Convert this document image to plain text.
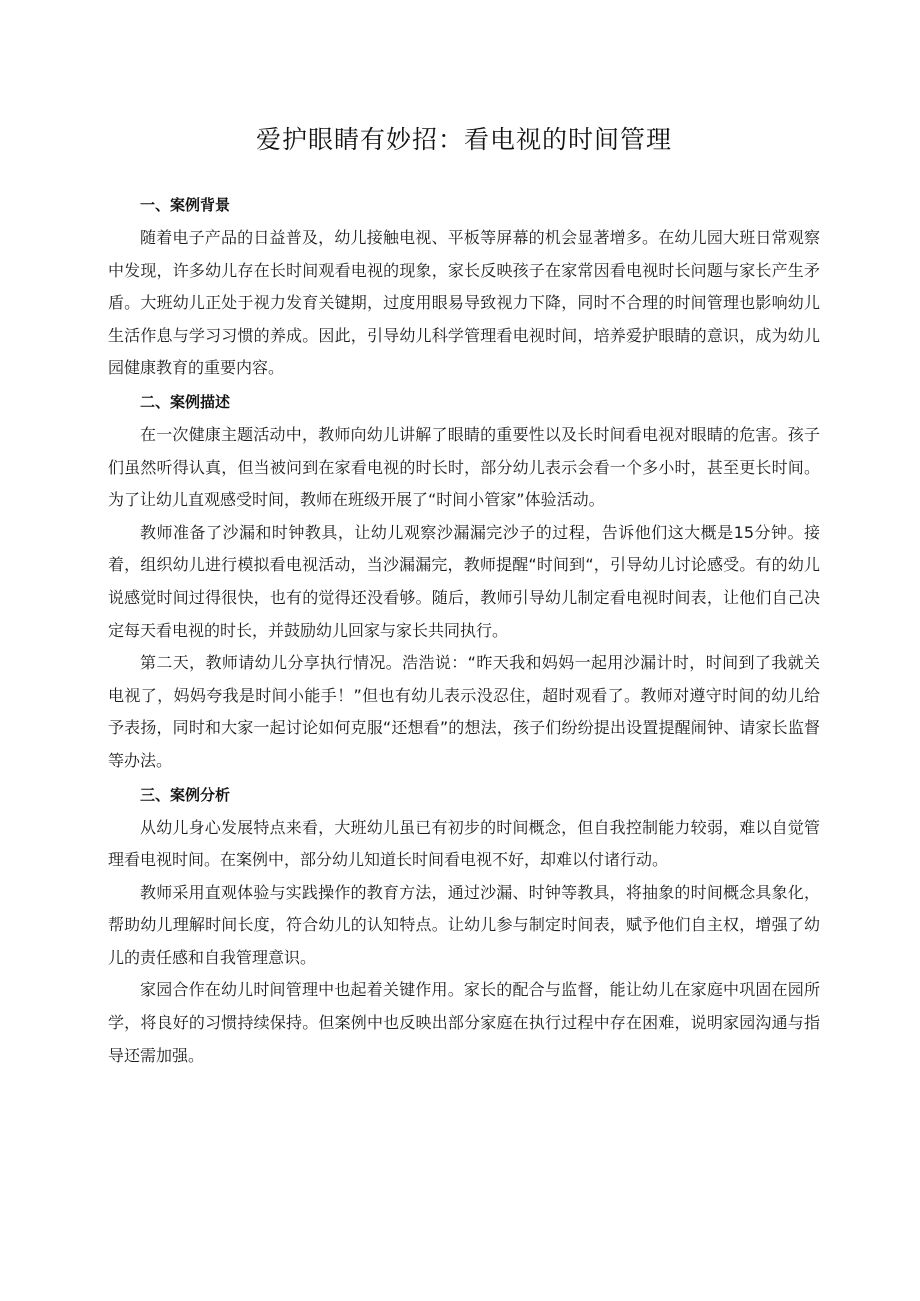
爱护眼睛有妙招：看电视的时间管理
一、案例背景

随着电子产品的日益普及，幼儿接触电视、平板等屏幕的机会显著增多。在幼儿园大班日常观察中发现，许多幼儿存在长时间观看电视的现象，家长反映孩子在家常因看电视时长问题与家长产生矛盾。大班幼儿正处于视力发育关键期，过度用眼易导致视力下降，同时不合理的时间管理也影响幼儿生活作息与学习习惯的养成。因此，引导幼儿科学管理看电视时间，培养爱护眼睛的意识，成为幼儿园健康教育的重要内容。

二、案例描述

在一次健康主题活动中，教师向幼儿讲解了眼睛的重要性以及长时间看电视对眼睛的危害。孩子们虽然听得认真，但当被问到在家看电视的时长时，部分幼儿表示会看一个多小时，甚至更长时间。为了让幼儿直观感受时间，教师在班级开展了“时间小管家”体验活动。

教师准备了沙漏和时钟教具，让幼儿观察沙漏漏完沙子的过程，告诉他们这大概是15分钟。接着，组织幼儿进行模拟看电视活动，当沙漏漏完，教师提醒“时间到“，引导幼儿讨论感受。有的幼儿说感觉时间过得很快，也有的觉得还没看够。随后，教师引导幼儿制定看电视时间表，让他们自己决定每天看电视的时长，并鼓励幼儿回家与家长共同执行。

第二天，教师请幼儿分享执行情况。浩浩说：“昨天我和妈妈一起用沙漏计时，时间到了我就关电视了，妈妈夸我是时间小能手！”但也有幼儿表示没忍住，超时观看了。教师对遵守时间的幼儿给予表扬，同时和大家一起讨论如何克服“还想看”的想法，孩子们纷纷提出设置提醒闹钟、请家长监督等办法。

三、案例分析

从幼儿身心发展特点来看，大班幼儿虽已有初步的时间概念，但自我控制能力较弱，难以自觉管理看电视时间。在案例中，部分幼儿知道长时间看电视不好，却难以付诸行动。

教师采用直观体验与实践操作的教育方法，通过沙漏、时钟等教具，将抽象的时间概念具象化，帮助幼儿理解时间长度，符合幼儿的认知特点。让幼儿参与制定时间表，赋予他们自主权，增强了幼儿的责任感和自我管理意识。

家园合作在幼儿时间管理中也起着关键作用。家长的配合与监督，能让幼儿在家庭中巩固在园所学，将良好的习惯持续保持。但案例中也反映出部分家庭在执行过程中存在困难，说明家园沟通与指导还需加强。
